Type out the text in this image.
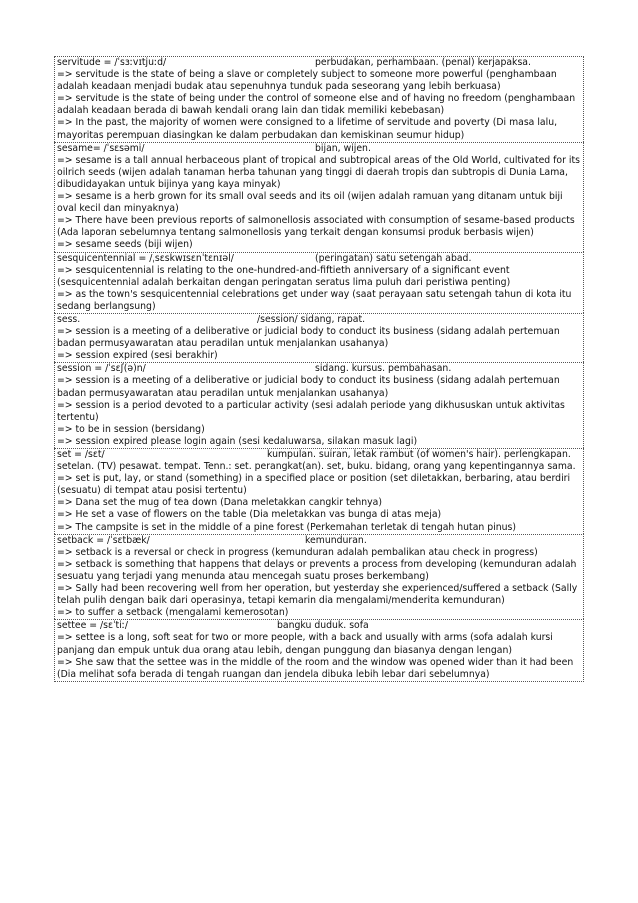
servitude = /ˈsɜːvɪtjuːd/	perbudakan, perhambaan. (penal) kerjapaksa.

=> servitude is the state of being a slave or completely subject to someone more powerful (penghambaan adalah keadaan menjadi budak atau sepenuhnya tunduk pada seseorang yang lebih berkuasa)

=> servitude is the state of being under the control of someone else and of having no freedom (penghambaan adalah keadaan berada di bawah kendali orang lain dan tidak memiliki kebebasan)

=> In the past, the majority of women were consigned to a lifetime of servitude and poverty (Di masa lalu, mayoritas perempuan diasingkan ke dalam perbudakan dan kemiskinan seumur hidup)

sesame= /ˈsɛsəmi/	bijan, wijen.

=> sesame is a tall annual herbaceous plant of tropical and subtropical areas of the Old World, cultivated for its oilrich seeds (wijen adalah tanaman herba tahunan yang tinggi di daerah tropis dan subtropis di Dunia Lama, dibudidayakan untuk bijinya yang kaya minyak)

=> sesame is a herb grown for its small oval seeds and its oil (wijen adalah ramuan yang ditanam untuk biji oval kecil dan minyaknya)

=> There have been previous reports of salmonellosis associated with consumption of sesame-based products (Ada laporan sebelumnya tentang salmonellosis yang terkait dengan konsumsi produk berbasis wijen)

=> sesame seeds (biji wijen)

sesquicentennial = /ˌsɛskwɪsɛnˈtɛnɪəl/	(peringatan) satu setengah abad.

=> sesquicentennial is relating to the one-hundred-and-fiftieth anniversary of a significant event (sesquicentennial adalah berkaitan dengan peringatan seratus lima puluh dari peristiwa penting)

=> as the town's sesquicentennial celebrations get under way (saat perayaan satu setengah tahun di kota itu sedang berlangsung)

sess.	/session/ sidang, rapat.

=> session is a meeting of a deliberative or judicial body to conduct its business (sidang adalah pertemuan badan permusyawaratan atau peradilan untuk menjalankan usahanya)

=> session expired (sesi berakhir)

session = /ˈsɛʃ(ə)n/	sidang. kursus. pembahasan.

=> session is a meeting of a deliberative or judicial body to conduct its business (sidang adalah pertemuan badan permusyawaratan atau peradilan untuk menjalankan usahanya)

=> session is a period devoted to a particular activity (sesi adalah periode yang dikhususkan untuk aktivitas tertentu)

=> to be in session (bersidang)

=> session expired please login again (sesi kedaluwarsa, silakan masuk lagi)

set = /sɛt/	kumpulan. suiran, letak rambut (of women's hair). perlengkapan.

setelan. (TV) pesawat. tempat. Tenn.: set. perangkat(an). set, buku. bidang, orang yang kepentingannya sama.

=> set is put, lay, or stand (something) in a specified place or position (set diletakkan, berbaring, atau berdiri (sesuatu) di tempat atau posisi tertentu)

=> Dana set the mug of tea down (Dana meletakkan cangkir tehnya)

=> He set a vase of flowers on the table (Dia meletakkan vas bunga di atas meja)

=> The campsite is set in the middle of a pine forest (Perkemahan terletak di tengah hutan pinus)

setback = /ˈsɛtbæk/	kemunduran.

=> setback is a reversal or check in progress (kemunduran adalah pembalikan atau check in progress)

=> setback is something that happens that delays or prevents a process from developing (kemunduran adalah sesuatu yang terjadi yang menunda atau mencegah suatu proses berkembang)

=> Sally had been recovering well from her operation, but yesterday she experienced/suffered a setback (Sally telah pulih dengan baik dari operasinya, tetapi kemarin dia mengalami/menderita kemunduran)

=> to suffer a setback (mengalami kemerosotan)

settee = /sɛˈtiː/	bangku duduk. sofa

=> settee is a long, soft seat for two or more people, with a back and usually with arms (sofa adalah kursi panjang dan empuk untuk dua orang atau lebih, dengan punggung dan biasanya dengan lengan)

=> She saw that the settee was in the middle of the room and the window was opened wider than it had been (Dia melihat sofa berada di tengah ruangan dan jendela dibuka lebih lebar dari sebelumnya)
